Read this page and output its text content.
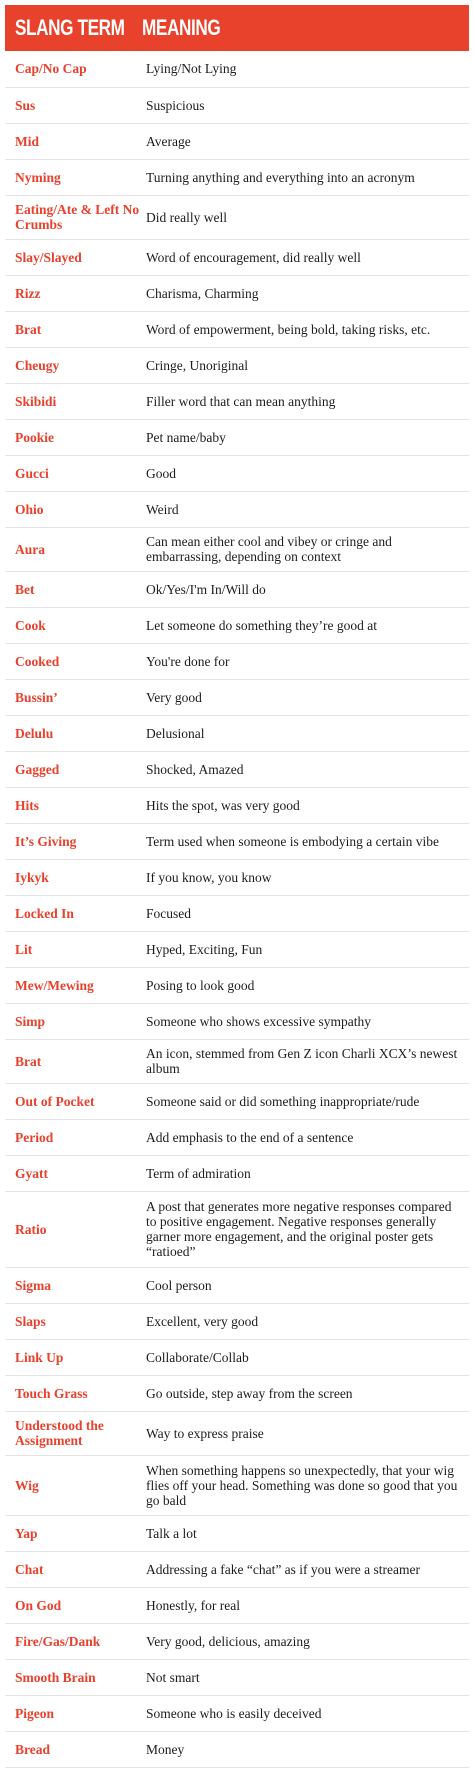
SLANG TERM MEANING
Cap/No Cap	Lying/Not Lying
Sus	Suspicious
Mid	Average
Nyming	Turning anything and everything into an acronym
Eating/Ate & Left No Crumbs	Did really well
Slay/Slayed	Word of encouragement, did really well
Rizz	Charisma, Charming
Brat	Word of empowerment, being bold, taking risks, etc.
Cheugy	Cringe, Unoriginal
Skibidi	Filler word that can mean anything
Pookie	Pet name/baby
Gucci	Good
Ohio	Weird
Aura	Can mean either cool and vibey or cringe and embarrassing, depending on context
Bet	Ok/Yes/I'm In/Will do
Cook	Let someone do something they’re good at
Cooked	You're done for
Bussin’	Very good
Delulu	Delusional
Gagged	Shocked, Amazed
Hits	Hits the spot, was very good
It’s Giving	Term used when someone is embodying a certain vibe
Iykyk	If you know, you know
Locked In	Focused
Lit	Hyped, Exciting, Fun
Mew/Mewing	Posing to look good
Simp	Someone who shows excessive sympathy
Brat	An icon, stemmed from Gen Z icon Charli XCX’s newest album
Out of Pocket	Someone said or did something inappropriate/rude
Period	Add emphasis to the end of a sentence
Gyatt	Term of admiration
Ratio	A post that generates more negative responses compared to positive engagement. Negative responses generally garner more engagement, and the original poster gets “ratioed”
Sigma	Cool person
Slaps	Excellent, very good
Link Up	Collaborate/Collab
Touch Grass	Go outside, step away from the screen
Understood the Assignment	Way to express praise
Wig	When something happens so unexpectedly, that your wig flies off your head. Something was done so good that you go bald
Yap	Talk a lot
Chat	Addressing a fake “chat” as if you were a streamer
On God	Honestly, for real
Fire/Gas/Dank	Very good, delicious, amazing
Smooth Brain	Not smart
Pigeon	Someone who is easily deceived
Bread	Money
